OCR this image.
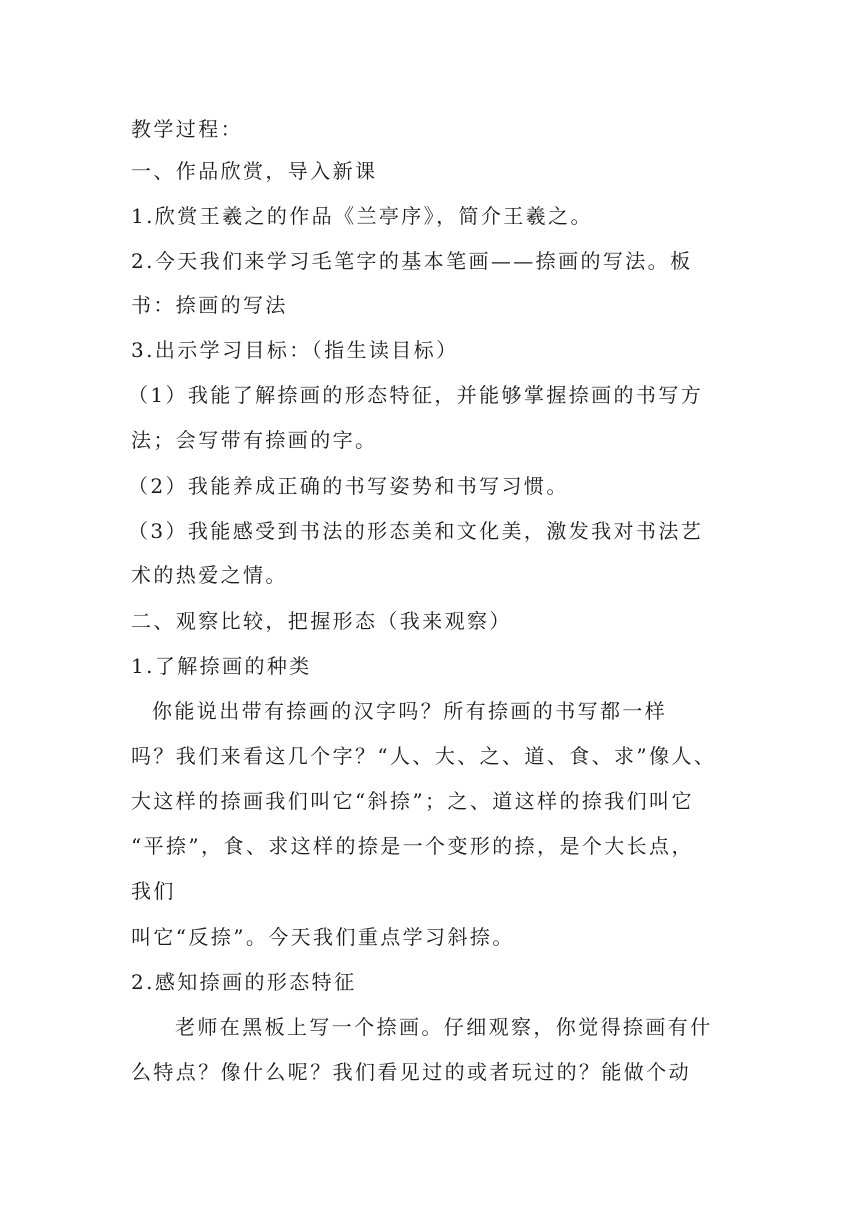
教学过程：

一、作品欣赏，导入新课

1.欣赏王羲之的作品《兰亭序》，简介王羲之。

2.今天我们来学习毛笔字的基本笔画——捺画的写法。板

书：捺画的写法

3.出示学习目标：（指生读目标）

（1）我能了解捺画的形态特征，并能够掌握捺画的书写方

法；会写带有捺画的字。

（2）我能养成正确的书写姿势和书写习惯。

（3）我能感受到书法的形态美和文化美，激发我对书法艺

术的热爱之情。

二、观察比较，把握形态（我来观察）

1.了解捺画的种类

你能说出带有捺画的汉字吗？所有捺画的书写都一样

吗？我们来看这几个字？“人、大、之、道、食、求”像人、

大这样的捺画我们叫它“斜捺”；之、道这样的捺我们叫它

“平捺”，食、求这样的捺是一个变形的捺，是个大长点，

我们

叫它“反捺”。今天我们重点学习斜捺。

2.感知捺画的形态特征

老师在黑板上写一个捺画。仔细观察，你觉得捺画有什

么特点？像什么呢？我们看见过的或者玩过的？能做个动
